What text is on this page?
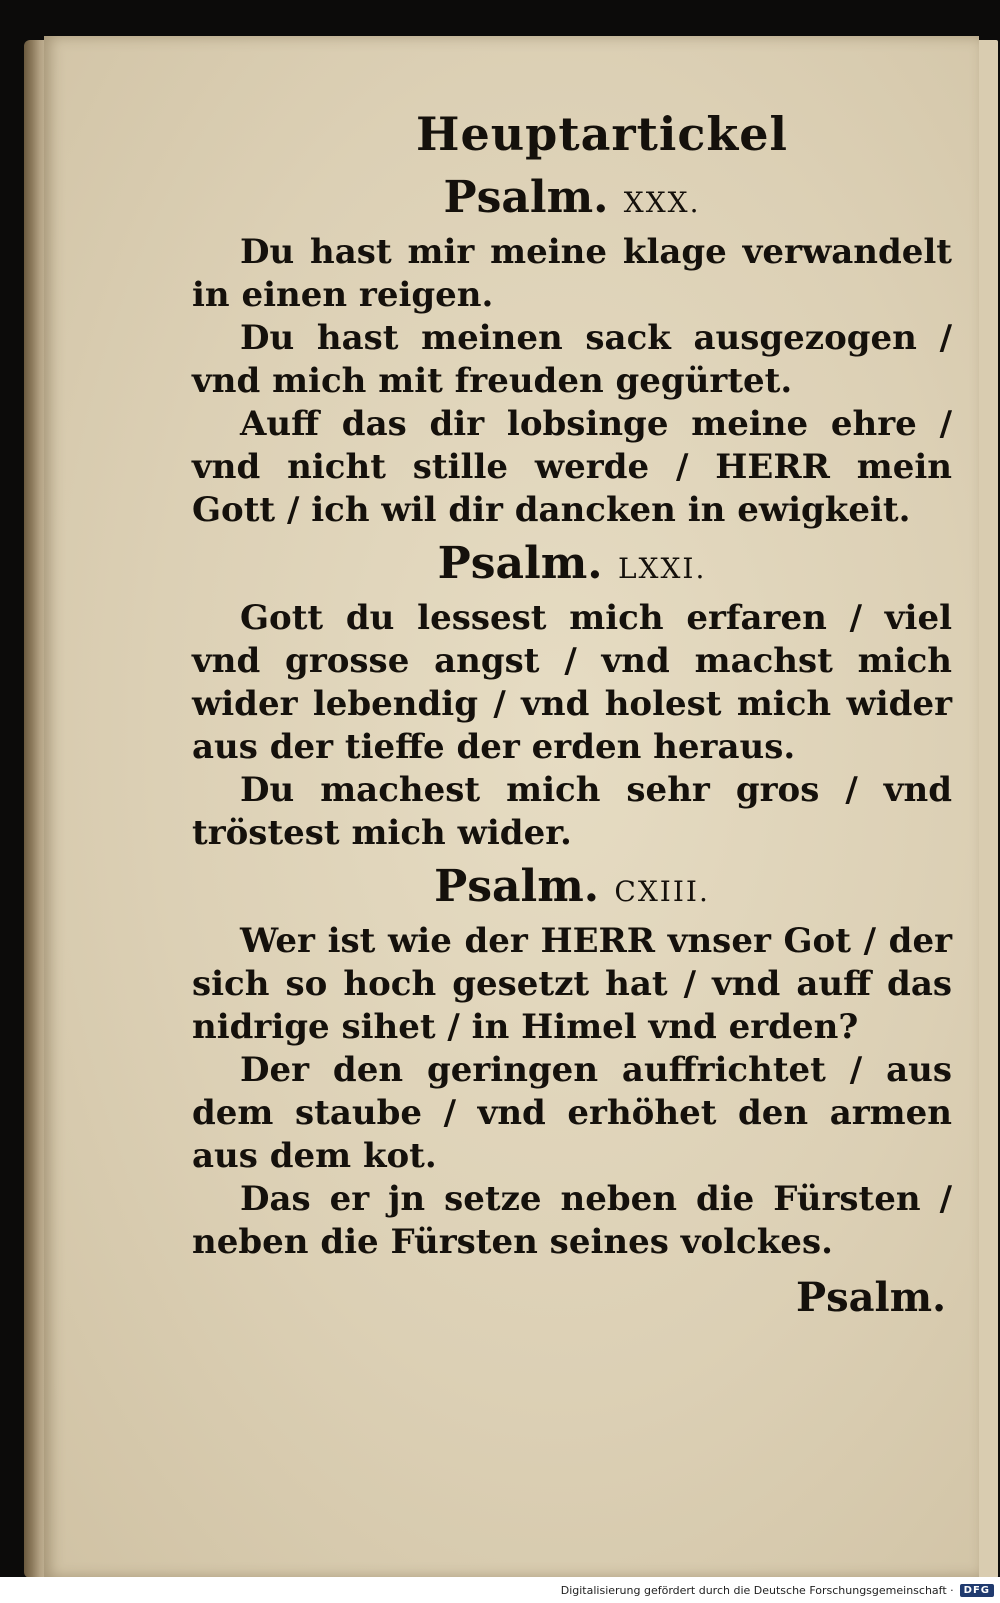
Heuptartickel
Psalm. XXX.

Du hast mir meine klage verwandelt in einen reigen.

Du hast meinen sack ausgezogen / vnd mich mit freuden gegürtet.

Auff das dir lobsinge meine ehre / vnd nicht stille werde / HERR mein Gott / ich wil dir dancken in ewigkeit.

Psalm. LXXI.

Gott du lessest mich erfaren / viel vnd grosse angst / vnd machst mich wider lebendig / vnd holest mich wider aus der tieffe der erden heraus.

Du machest mich sehr gros / vnd tröstest mich wider.

Psalm. CXIII.

Wer ist wie der HERR vnser Got / der sich so hoch gesetzt hat / vnd auff das nidrige sihet / in Himel vnd erden?

Der den geringen auffrichtet / aus dem staube / vnd erhöhet den armen aus dem kot.

Das er jn setze neben die Fürsten / neben die Fürsten seines volckes.

Psalm.
Digitalisierung gefördert durch die Deutsche Forschungsgemeinschaft ·	DFG
